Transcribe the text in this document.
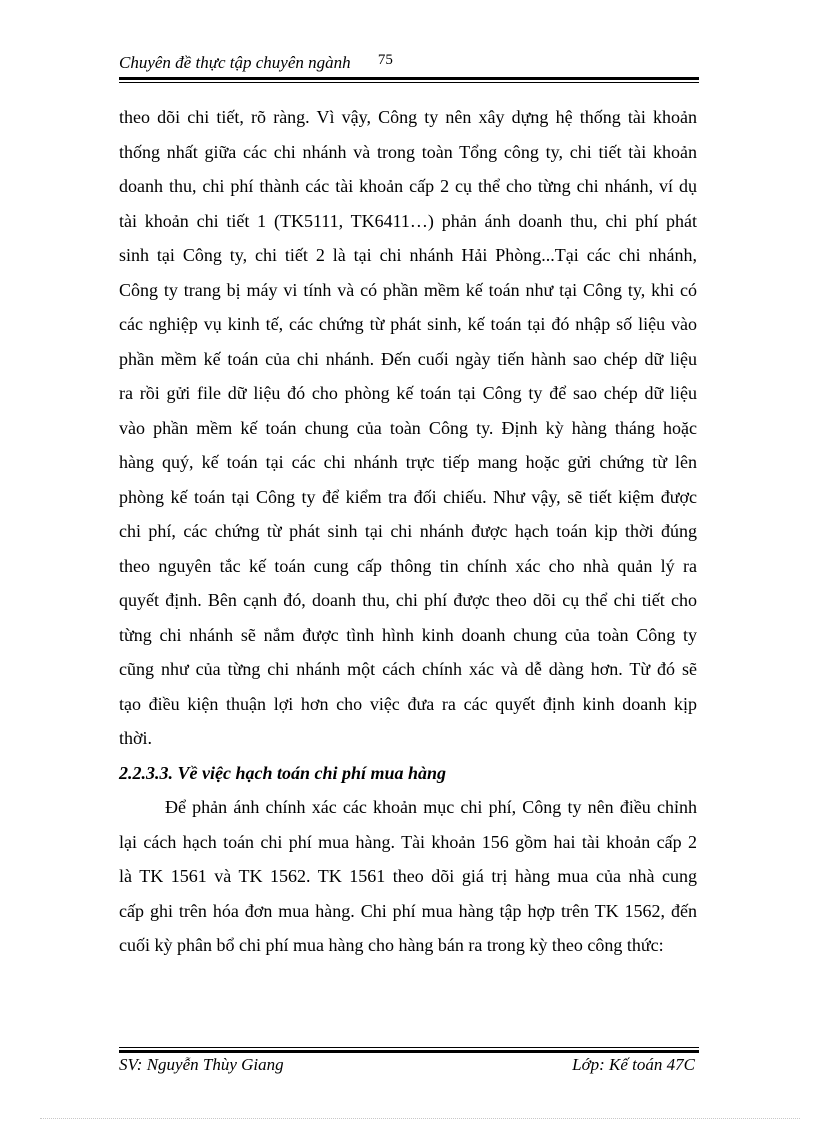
Chuyên đề thực tập chuyên ngành 75
theo dõi chi tiết, rõ ràng. Vì vậy, Công ty nên xây dựng hệ thống tài khoản
thống nhất giữa các chi nhánh và trong toàn Tổng công ty, chi tiết tài khoản
doanh thu, chi phí thành các tài khoản cấp 2 cụ thể cho từng chi nhánh, ví dụ
tài khoản chi tiết 1 (TK5111, TK6411…) phản ánh doanh thu, chi phí phát
sinh tại Công ty, chi tiết 2 là tại chi nhánh Hải Phòng...Tại các chi nhánh,
Công ty trang bị máy vi tính và có phần mềm kế toán như tại Công ty, khi có
các nghiệp vụ kinh tế, các chứng từ phát sinh, kế toán tại đó nhập số liệu vào
phần mềm kế toán của chi nhánh. Đến cuối ngày tiến hành sao chép dữ liệu
ra rồi gửi file dữ liệu đó cho phòng kế toán tại Công ty để sao chép dữ liệu
vào phần mềm kế toán chung của toàn Công ty. Định kỳ hàng tháng hoặc
hàng quý, kế toán tại các chi nhánh trực tiếp mang hoặc gửi chứng từ lên
phòng kế toán tại Công ty để kiểm tra đối chiếu. Như vậy, sẽ tiết kiệm được
chi phí, các chứng từ phát sinh tại chi nhánh được hạch toán kịp thời đúng
theo nguyên tắc kế toán cung cấp thông tin chính xác cho nhà quản lý ra
quyết định. Bên cạnh đó, doanh thu, chi phí được theo dõi cụ thể chi tiết cho
từng chi nhánh sẽ nắm được tình hình kinh doanh chung của toàn Công ty
cũng như của từng chi nhánh một cách chính xác và dễ dàng hơn. Từ đó sẽ
tạo điều kiện thuận lợi hơn cho việc đưa ra các quyết định kinh doanh kịp
thời.
2.2.3.3. Về việc hạch toán chi phí mua hàng
Để phản ánh chính xác các khoản mục chi phí, Công ty nên điều chỉnh
lại cách hạch toán chi phí mua hàng. Tài khoản 156 gồm hai tài khoản cấp 2
là TK 1561 và TK 1562. TK 1561 theo dõi giá trị hàng mua của nhà cung
cấp ghi trên hóa đơn mua hàng. Chi phí mua hàng tập hợp trên TK 1562, đến
cuối kỳ phân bổ chi phí mua hàng cho hàng bán ra trong kỳ theo công thức:
SV: Nguyễn Thùy Giang	Lớp: Kế toán 47C
